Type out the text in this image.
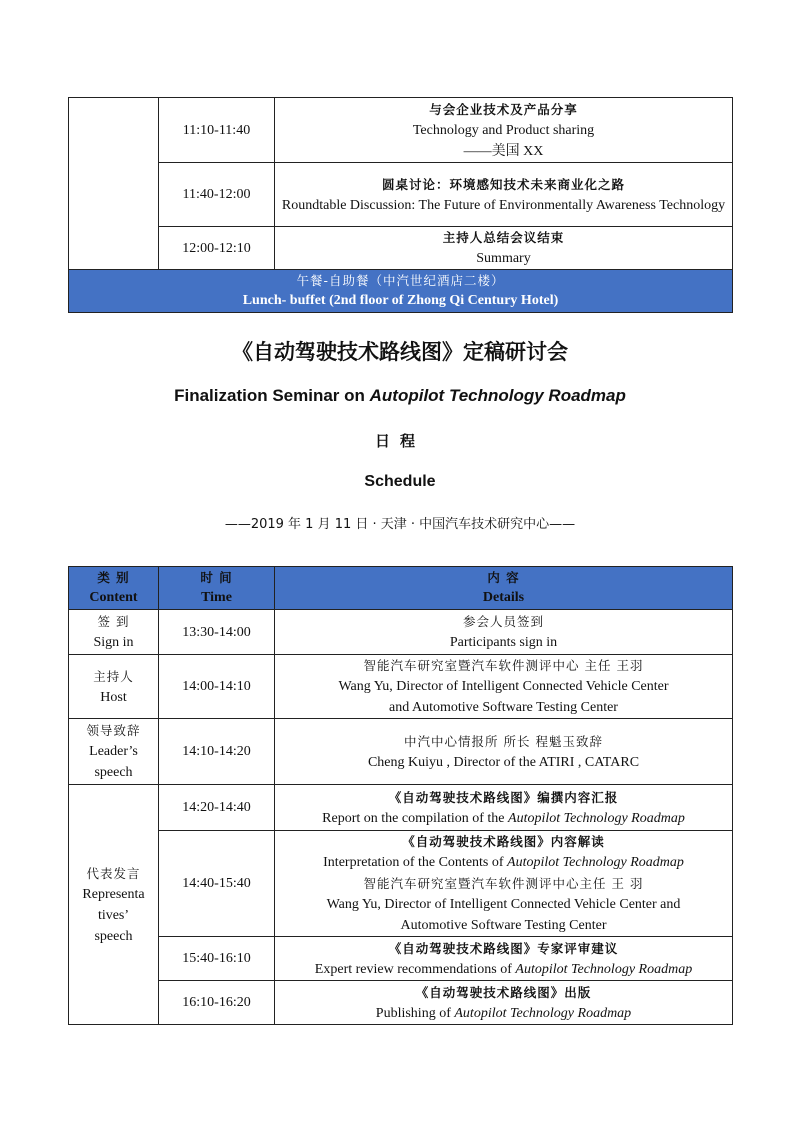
	11:10-11:40	与会企业技术及产品分享
Technology and Product sharing
——美国 XX

	11:40-12:00	圆桌讨论：环境感知技术未来商业化之路
Roundtable Discussion: The Future of Environmentally Awareness Technology

	12:00-12:10	主持人总结会议结束
Summary

午餐-自助餐（中汽世纪酒店二楼）
Lunch- buffet (2nd floor of Zhong Qi Century Hotel)		
《自动驾驶技术路线图》定稿研讨会
Finalization Seminar on Autopilot Technology Roadmap
日程
Schedule
——2019 年 1 月 11 日 · 天津 · 中国汽车技术研究中心——
类 别
Content	时 间
Time	内 容
Details

签 到
Sign in	13:30-14:00	参会人员签到
Participants sign in

主持人
Host	14:00-14:10	智能汽车研究室暨汽车软件测评中心 主任 王羽
Wang Yu, Director of Intelligent Connected Vehicle Center
and Automotive Software Testing Center

领导致辞
Leader’s
speech	14:10-14:20	中汽中心情报所 所长 程魁玉致辞
Cheng Kuiyu , Director of the ATIRI , CATARC

代表发言
Representa
tives’
speech	14:20-14:40	《自动驾驶技术路线图》编撰内容汇报
Report on the compilation of the Autopilot Technology Roadmap

	14:40-15:40	《自动驾驶技术路线图》内容解读
Interpretation of the Contents of Autopilot Technology Roadmap
智能汽车研究室暨汽车软件测评中心主任 王 羽
Wang Yu, Director of Intelligent Connected Vehicle Center and
Automotive Software Testing Center

	15:40-16:10	《自动驾驶技术路线图》专家评审建议
Expert review recommendations of Autopilot Technology Roadmap

	16:10-16:20	《自动驾驶技术路线图》出版
Publishing of Autopilot Technology Roadmap
